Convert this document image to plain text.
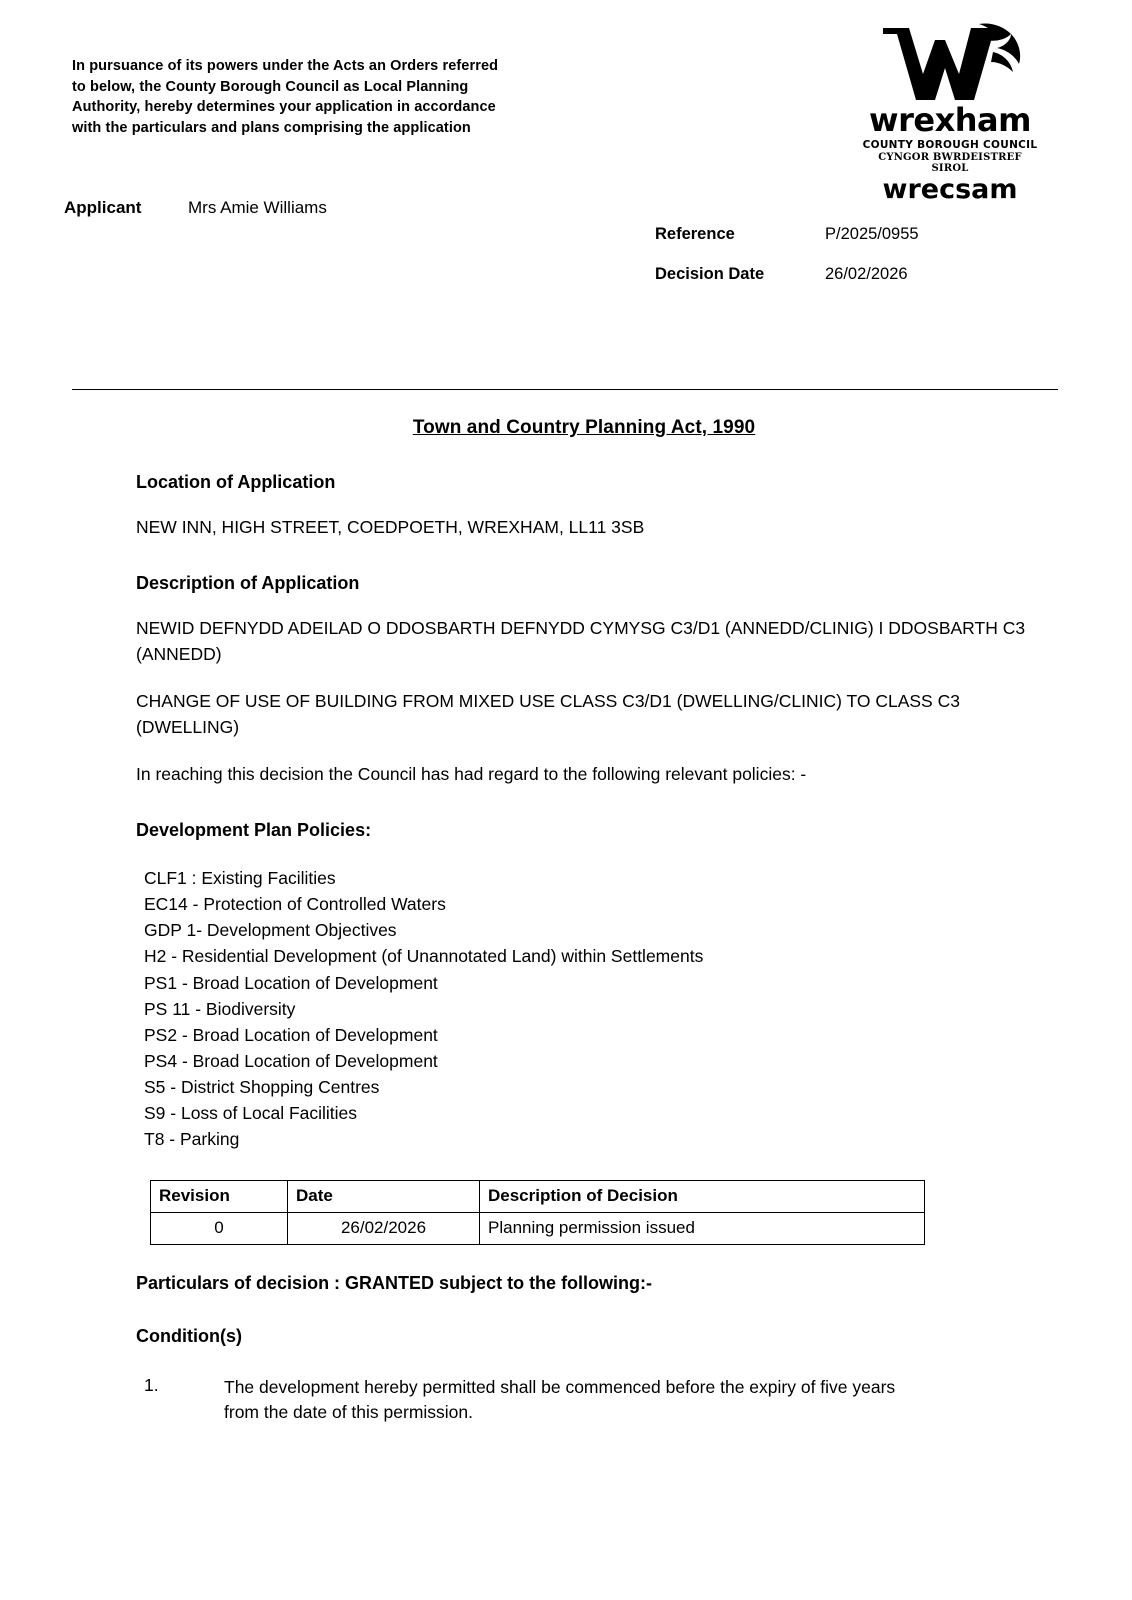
In pursuance of its powers under the Acts an Orders referred to below, the County Borough Council as Local Planning Authority, hereby determines your application in accordance with the particulars and plans comprising the application	wrexham
COUNTY BOROUGH COUNCIL
CYNGOR BWRDEISTREF SIROL
wrecsam
Applicant	Mrs Amie Williams
Reference	P/2025/0955
Decision Date	26/02/2026
Town and Country Planning Act, 1990
Location of Application
NEW INN, HIGH STREET, COEDPOETH, WREXHAM, LL11 3SB
Description of Application
NEWID DEFNYDD ADEILAD O DDOSBARTH DEFNYDD CYMYSG C3/D1 (ANNEDD/CLINIG) I DDOSBARTH C3 (ANNEDD)
CHANGE OF USE OF BUILDING FROM MIXED USE CLASS C3/D1 (DWELLING/CLINIC) TO CLASS C3 (DWELLING)
In reaching this decision the Council has had regard to the following relevant policies: -
Development Plan Policies:
CLF1 : Existing Facilities
EC14 - Protection of Controlled Waters
GDP 1- Development Objectives
H2 - Residential Development (of Unannotated Land) within Settlements
PS1 - Broad Location of Development
PS 11 - Biodiversity
PS2 - Broad Location of Development
PS4 - Broad Location of Development
S5 - District Shopping Centres
S9 - Loss of Local Facilities
T8 - Parking
Revision	Date	Description of Decision
0	26/02/2026	Planning permission issued
Particulars of decision : GRANTED subject to the following:-
Condition(s)
1.	The development hereby permitted shall be commenced before the expiry of five years from the date of this permission.
